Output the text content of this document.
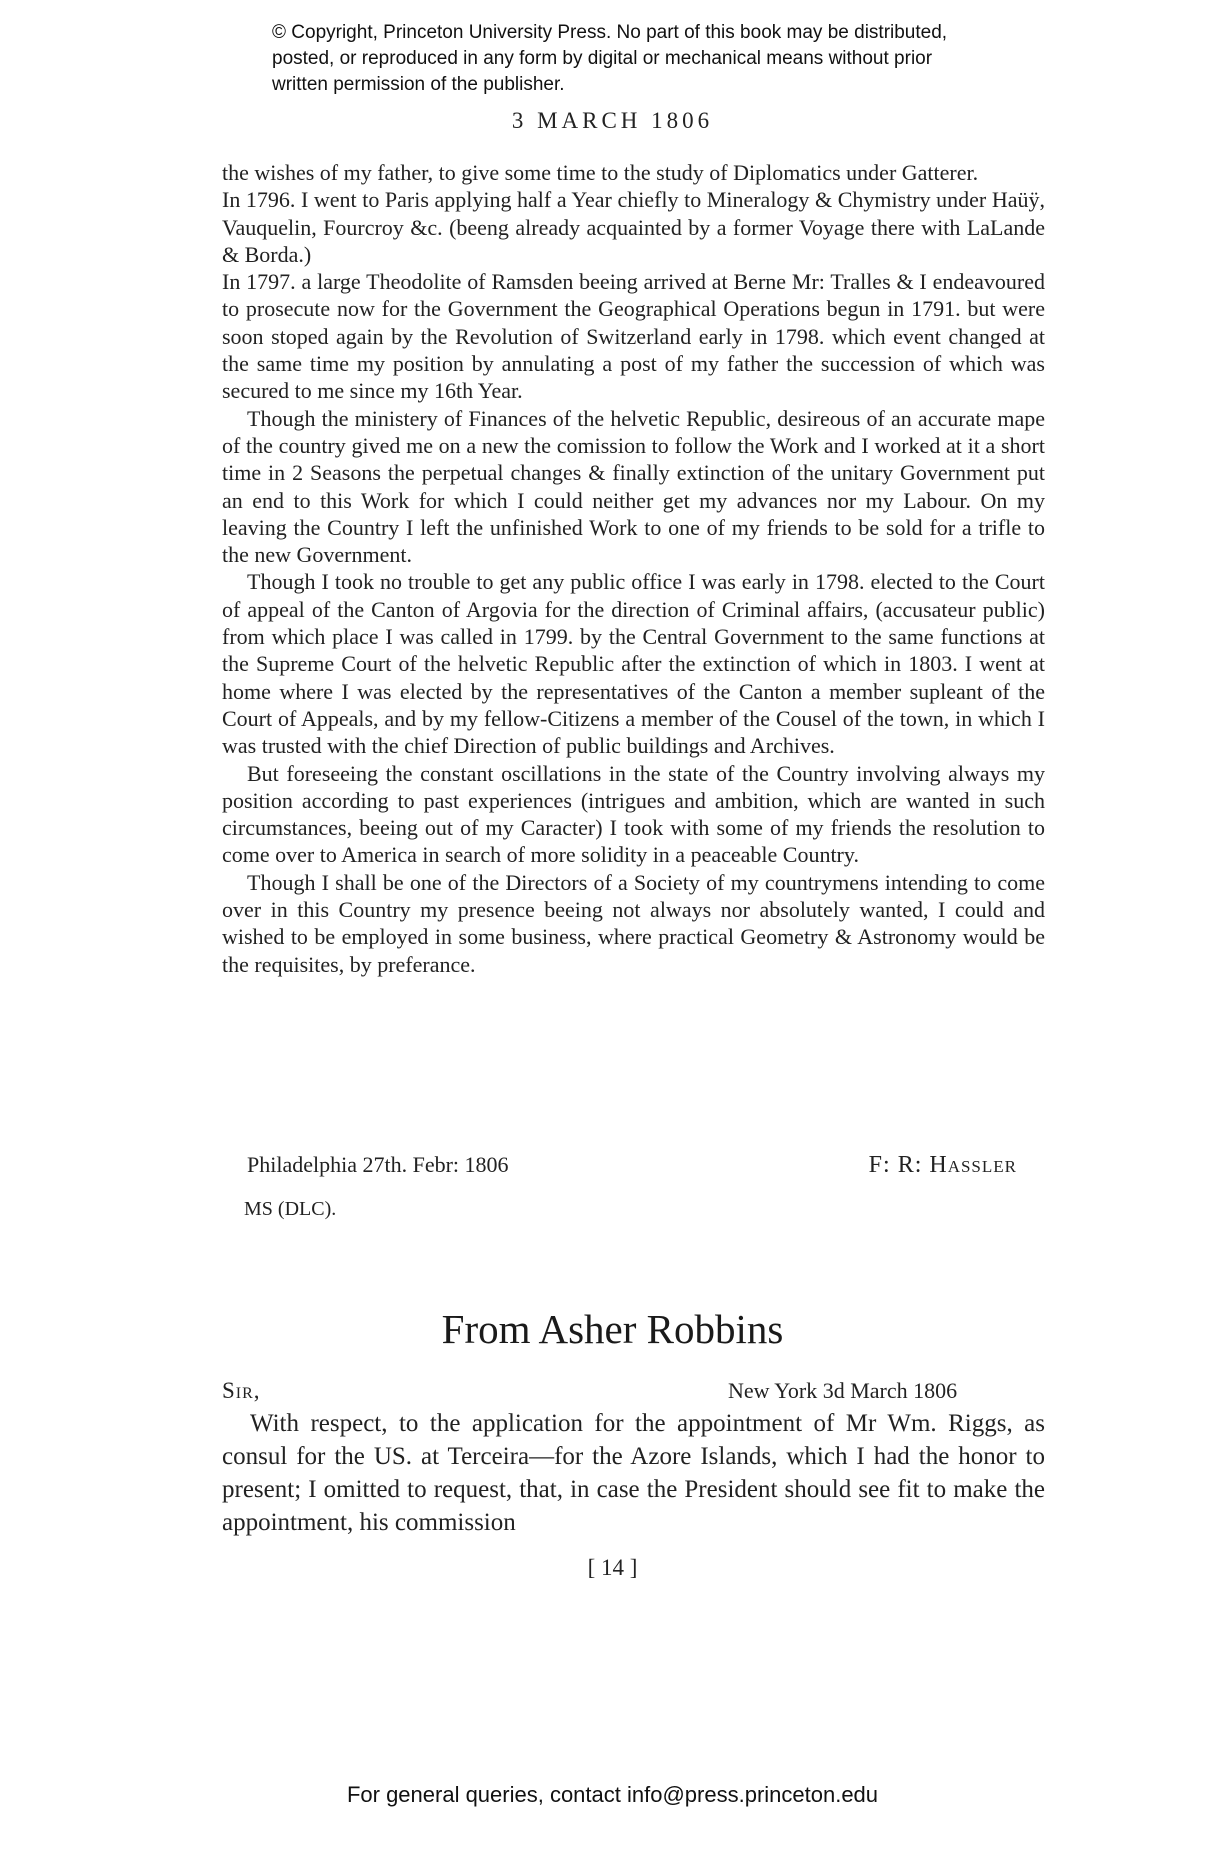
© Copyright, Princeton University Press. No part of this book may be distributed, posted, or reproduced in any form by digital or mechanical means without prior written permission of the publisher.
3 MARCH 1806

the wishes of my father, to give some time to the study of Diplomatics under Gatterer.

In 1796. I went to Paris applying half a Year chiefly to Mineralogy & Chymistry under Haüÿ, Vauquelin, Fourcroy &c. (beeng already acquainted by a former Voyage there with LaLande & Borda.)

In 1797. a large Theodolite of Ramsden beeing arrived at Berne Mr: Tralles & I endeavoured to prosecute now for the Government the Geographical Operations begun in 1791. but were soon stoped again by the Revolution of Switzerland early in 1798. which event changed at the same time my position by annulating a post of my father the succession of which was secured to me since my 16th Year.

Though the ministery of Finances of the helvetic Republic, desireous of an accurate mape of the country gived me on a new the comission to follow the Work and I worked at it a short time in 2 Seasons the perpetual changes & finally extinction of the unitary Government put an end to this Work for which I could neither get my advances nor my Labour. On my leaving the Country I left the unfinished Work to one of my friends to be sold for a trifle to the new Government.

Though I took no trouble to get any public office I was early in 1798. elected to the Court of appeal of the Canton of Argovia for the direction of Criminal affairs, (accusateur public) from which place I was called in 1799. by the Central Government to the same functions at the Supreme Court of the helvetic Republic after the extinction of which in 1803. I went at home where I was elected by the representatives of the Canton a member supleant of the Court of Appeals, and by my fellow-Citizens a member of the Cousel of the town, in which I was trusted with the chief Direction of public buildings and Archives.

But foreseeing the constant oscillations in the state of the Country involving always my position according to past experiences (intrigues and ambition, which are wanted in such circumstances, beeing out of my Caracter) I took with some of my friends the resolution to come over to America in search of more solidity in a peaceable Country.

Though I shall be one of the Directors of a Society of my countrymens intending to come over in this Country my presence beeing not always nor absolutely wanted, I could and wished to be employed in some business, where practical Geometry & Astronomy would be the requisites, by preferance.

Philadelphia 27th. Febr: 1806	F: R: Hassler
MS (DLC).
From Asher Robbins
Sir,	New York 3d March 1806
With respect, to the application for the appointment of Mr Wm. Riggs, as consul for the US. at Terceira—for the Azore Islands, which I had the honor to present; I omitted to request, that, in case the President should see fit to make the appointment, his commission
[ 14 ]
For general queries, contact info@press.princeton.edu
